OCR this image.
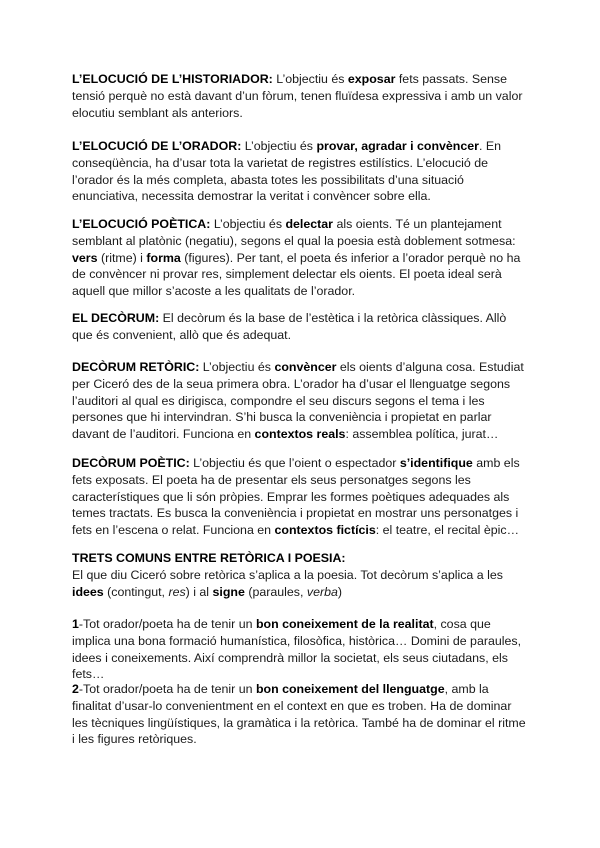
L’ELOCUCIÓ DE L’HISTORIADOR: L’objectiu és exposar fets passats. Sense tensió perquè no està davant d’un fòrum, tenen fluïdesa expressiva i amb un valor elocutiu semblant als anteriors.

L’ELOCUCIÓ DE L’ORADOR: L’objectiu és provar, agradar i convèncer. En conseqüència, ha d’usar tota la varietat de registres estilístics. L’elocució de l’orador és la més completa, abasta totes les possibilitats d’una situació enunciativa, necessita demostrar la veritat i convèncer sobre ella.

L’ELOCUCIÓ POÈTICA: L’objectiu és delectar als oients. Té un plantejament semblant al platònic (negatiu), segons el qual la poesia està doblement sotmesa: vers (ritme) i forma (figures). Per tant, el poeta és inferior a l’orador perquè no ha de convèncer ni provar res, simplement delectar els oients. El poeta ideal serà aquell que millor s’acoste a les qualitats de l’orador.

EL DECÒRUM: El decòrum és la base de l’estètica i la retòrica clàssiques. Allò que és convenient, allò que és adequat.

DECÒRUM RETÒRIC: L’objectiu és convèncer els oients d’alguna cosa. Estudiat per Ciceró des de la seua primera obra. L’orador ha d’usar el llenguatge segons l’auditori al qual es dirigisca, compondre el seu discurs segons el tema i les persones que hi intervindran. S’hi busca la conveniència i propietat en parlar davant de l’auditori. Funciona en contextos reals: assemblea política, jurat…

DECÒRUM POÈTIC: L’objectiu és que l’oient o espectador s’identifique amb els fets exposats. El poeta ha de presentar els seus personatges segons les característiques que li són pròpies. Emprar les formes poètiques adequades als temes tractats. Es busca la conveniència i propietat en mostrar uns personatges i fets en l’escena o relat. Funciona en contextos fictícis: el teatre, el recital èpic…

TRETS COMUNS ENTRE RETÒRICA I POESIA:

El que diu Ciceró sobre retòrica s’aplica a la poesia. Tot decòrum s’aplica a les idees (contingut, res) i al signe (paraules, verba)

1-Tot orador/poeta ha de tenir un bon coneixement de la realitat, cosa que implica una bona formació humanística, filosòfica, històrica… Domini de paraules, idees i coneixements. Així comprendrà millor la societat, els seus ciutadans, els fets…

2-Tot orador/poeta ha de tenir un bon coneixement del llenguatge, amb la finalitat d’usar-lo convenientment en el context en que es troben. Ha de dominar les tècniques lingüístiques, la gramàtica i la retòrica. També ha de dominar el ritme i les figures retòriques.
